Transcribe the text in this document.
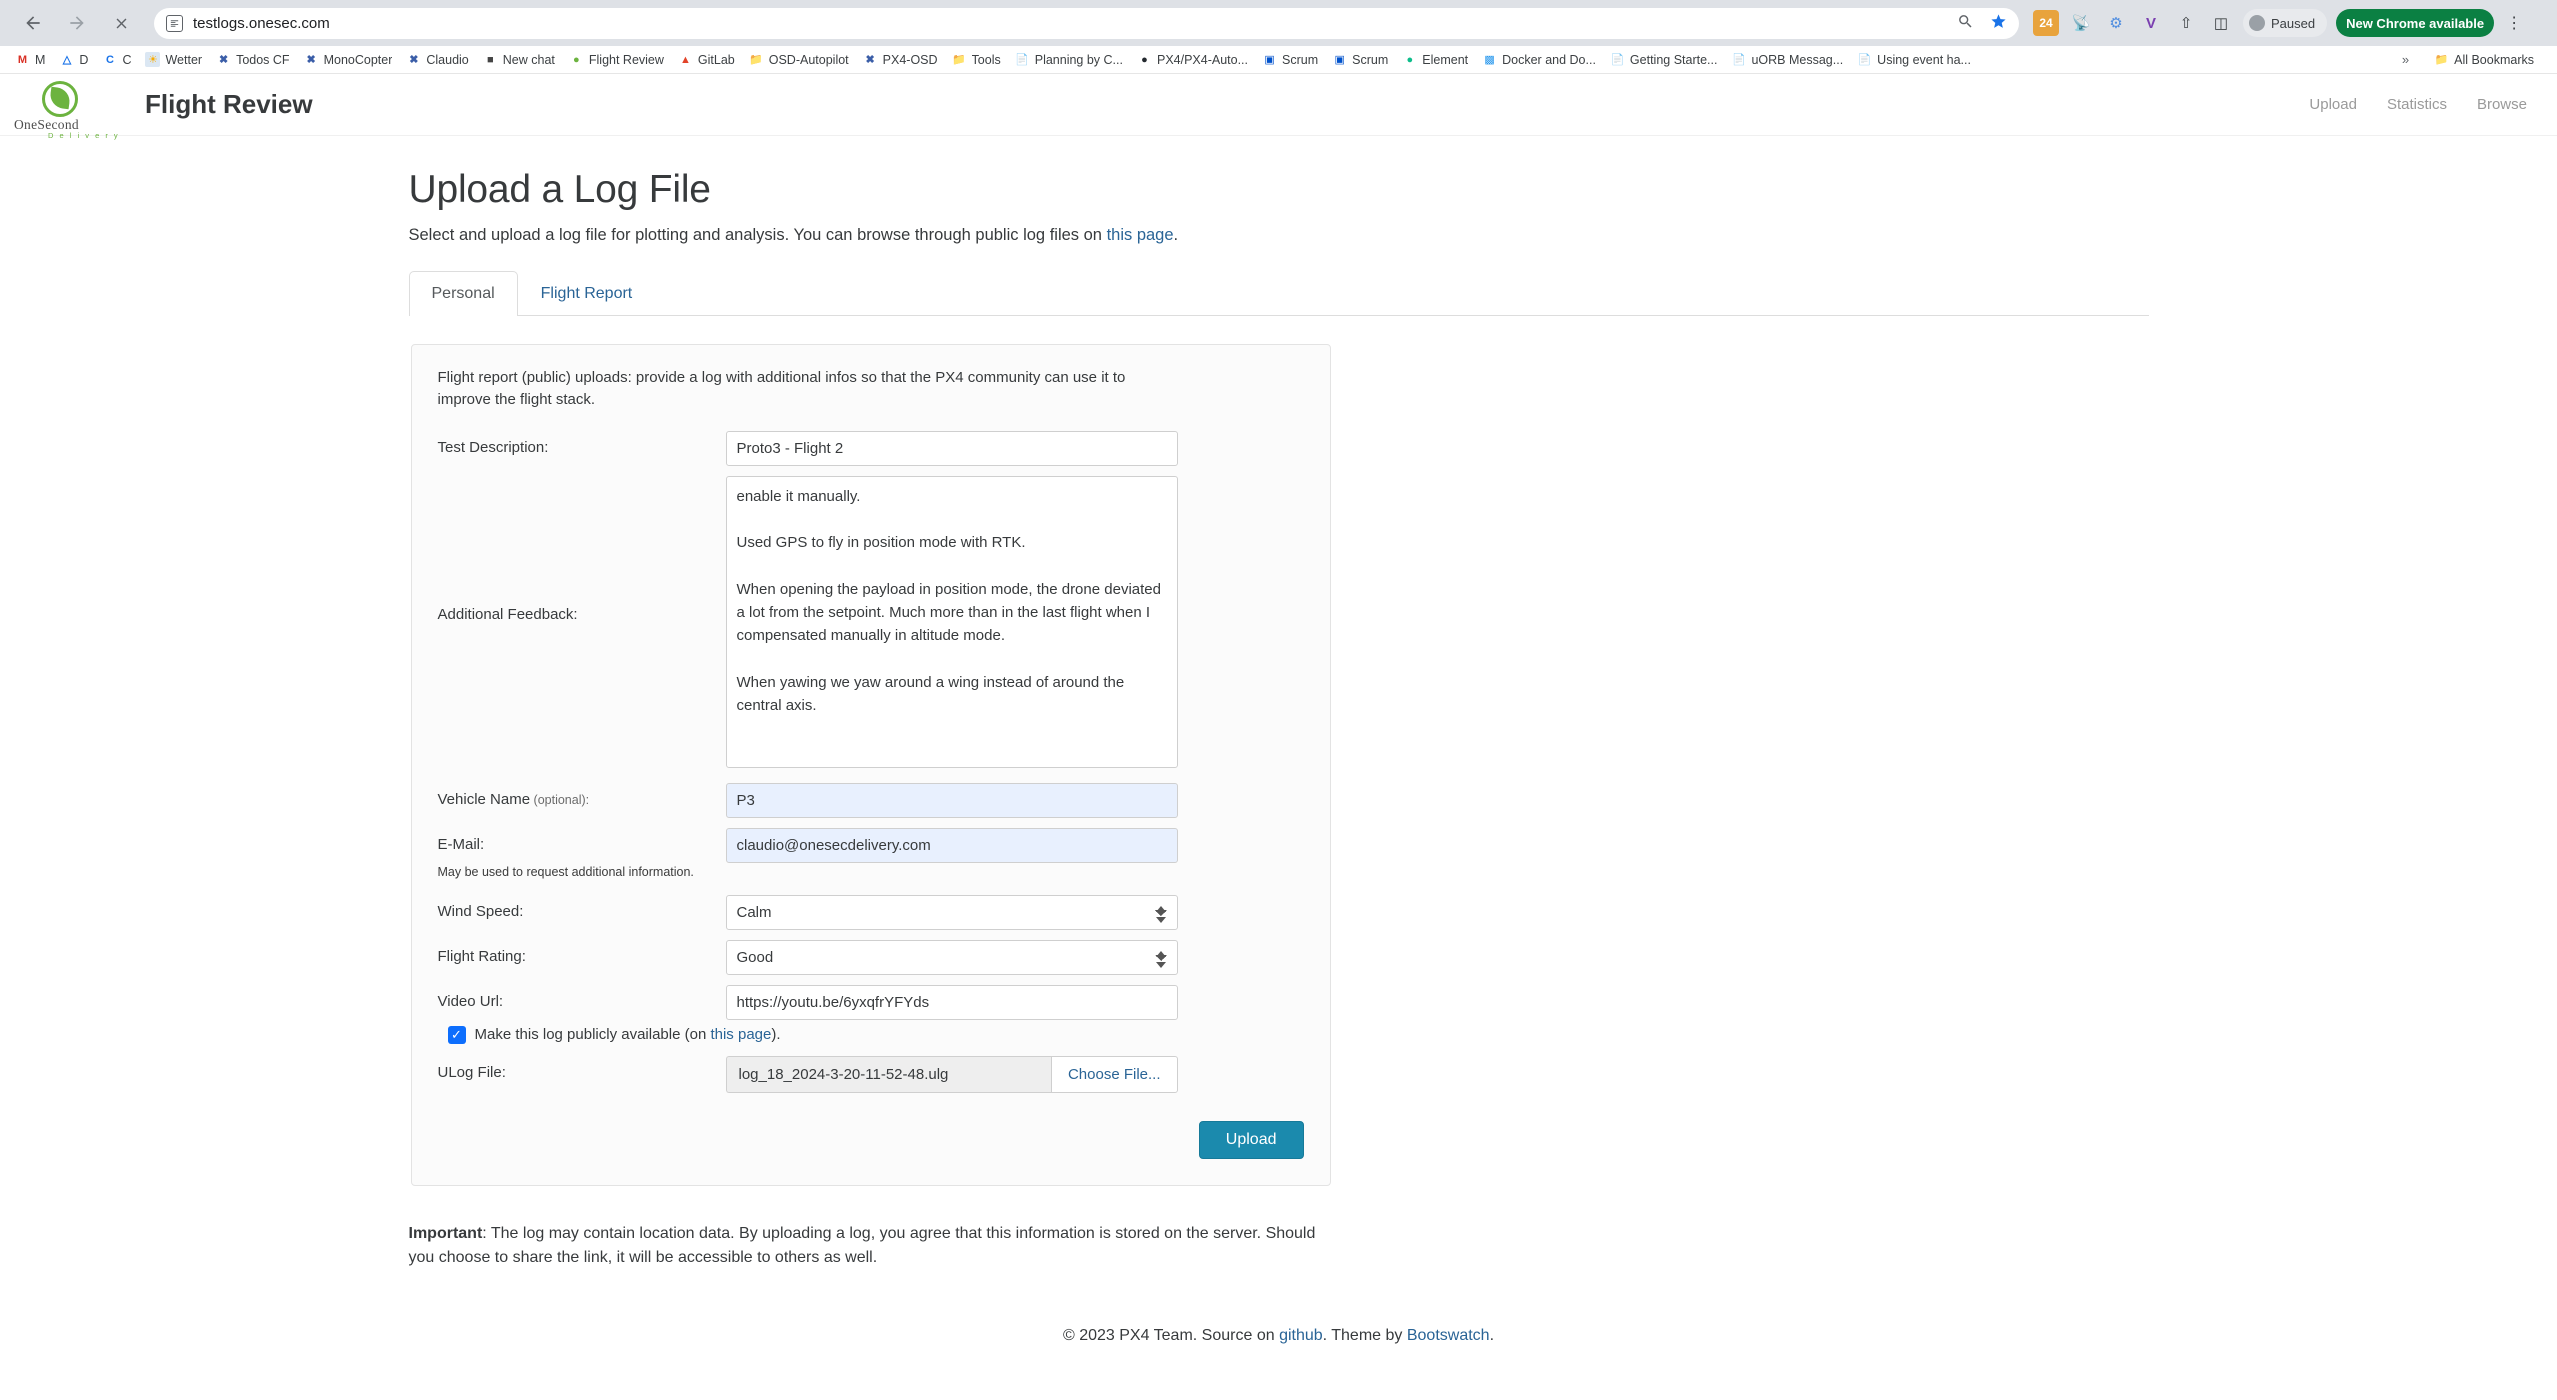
testlogs.onesec.com	24	📡	⚙	V	⇧	◫	Paused	New Chrome available	⋮
M M △ D	C C ☀ Wetter ✖ Todos CF ✖ MonoCopter ✖ Claudio	■ New chat	● Flight Review ▲ GitLab 📁 OSD-Autopilot ✖ PX4-OSD 📁 Tools 📄 Planning by C...	● PX4/PX4-Auto... ▣ Scrum ▣ Scrum	● Element ▩ Docker and Do... 📄 Getting Starte... 📄 uORB Messag... 📄 Using event ha...	»	📁 All Bookmarks
OneSecond
D e l i v e r y
Flight Review	Upload Statistics Browse
Upload a Log File
Select and upload a log file for plotting and analysis. You can browse through public log files on this page.
Personal	Flight Report
Flight report (public) uploads: provide a log with additional infos so that the PX4 community can use it to improve the flight stack.
Test Description:
Proto3 - Flight 2
Additional Feedback:
enable it manually. Used GPS to fly in position mode with RTK. When opening the payload in position mode, the drone deviated a lot from the setpoint. Much more than in the last flight when I compensated manually in altitude mode. When yawing we yaw around a wing instead of around the central axis.
Vehicle Name (optional):
P3
E-Mail:
claudio@onesecdelivery.com
May be used to request additional information.
Wind Speed:
Calm
Flight Rating:
Good
Video Url:
https://youtu.be/6yxqfrYFYds
✓ Make this log publicly available (on this page).
ULog File:	log_18_2024-3-20-11-52-48.ulg	Choose File...
Upload
Important: The log may contain location data. By uploading a log, you agree that this information is stored on the server. Should you choose to share the link, it will be accessible to others as well.
© 2023 PX4 Team. Source on github. Theme by Bootswatch.
